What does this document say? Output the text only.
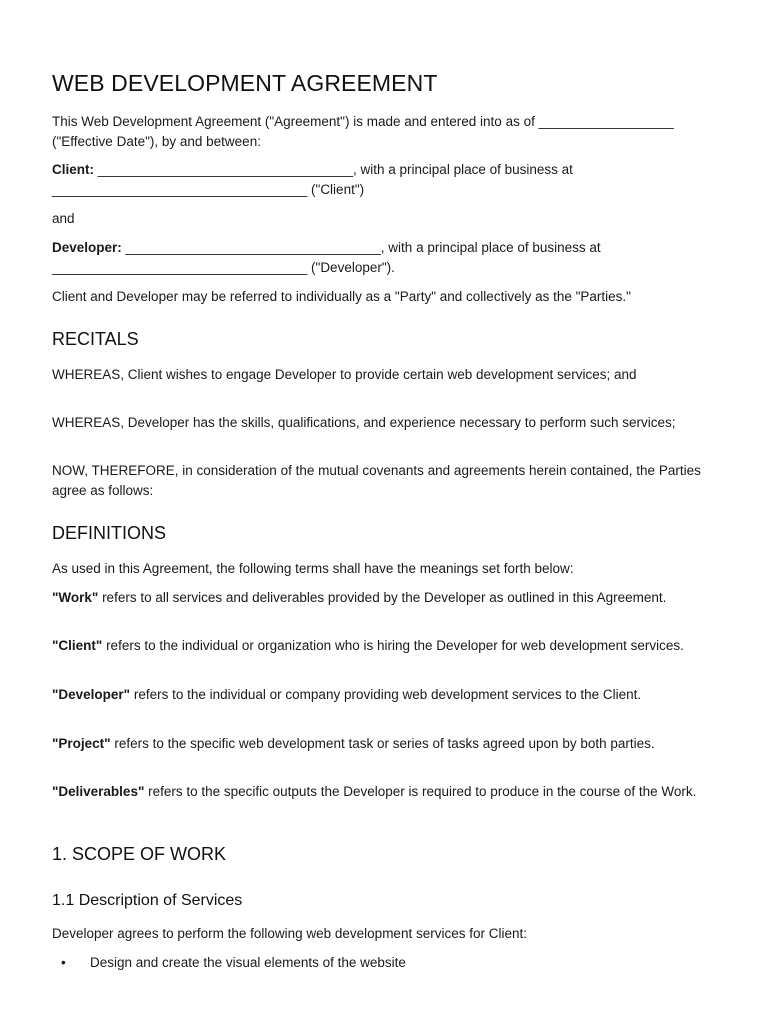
WEB DEVELOPMENT AGREEMENT

This Web Development Agreement ("Agreement") is made and entered into as of __________________ ("Effective Date"), by and between:

Client: __________________________________, with a principal place of business at __________________________________ ("Client")

and

Developer: __________________________________, with a principal place of business at __________________________________ ("Developer").

Client and Developer may be referred to individually as a "Party" and collectively as the "Parties."

RECITALS

WHEREAS, Client wishes to engage Developer to provide certain web development services; and

WHEREAS, Developer has the skills, qualifications, and experience necessary to perform such services;

NOW, THEREFORE, in consideration of the mutual covenants and agreements herein contained, the Parties agree as follows:

DEFINITIONS

As used in this Agreement, the following terms shall have the meanings set forth below:

"Work" refers to all services and deliverables provided by the Developer as outlined in this Agreement.

"Client" refers to the individual or organization who is hiring the Developer for web development services.

"Developer" refers to the individual or company providing web development services to the Client.

"Project" refers to the specific web development task or series of tasks agreed upon by both parties.

"Deliverables" refers to the specific outputs the Developer is required to produce in the course of the Work.

1. SCOPE OF WORK
1.1 Description of Services

Developer agrees to perform the following web development services for Client:

• Design and create the visual elements of the website
